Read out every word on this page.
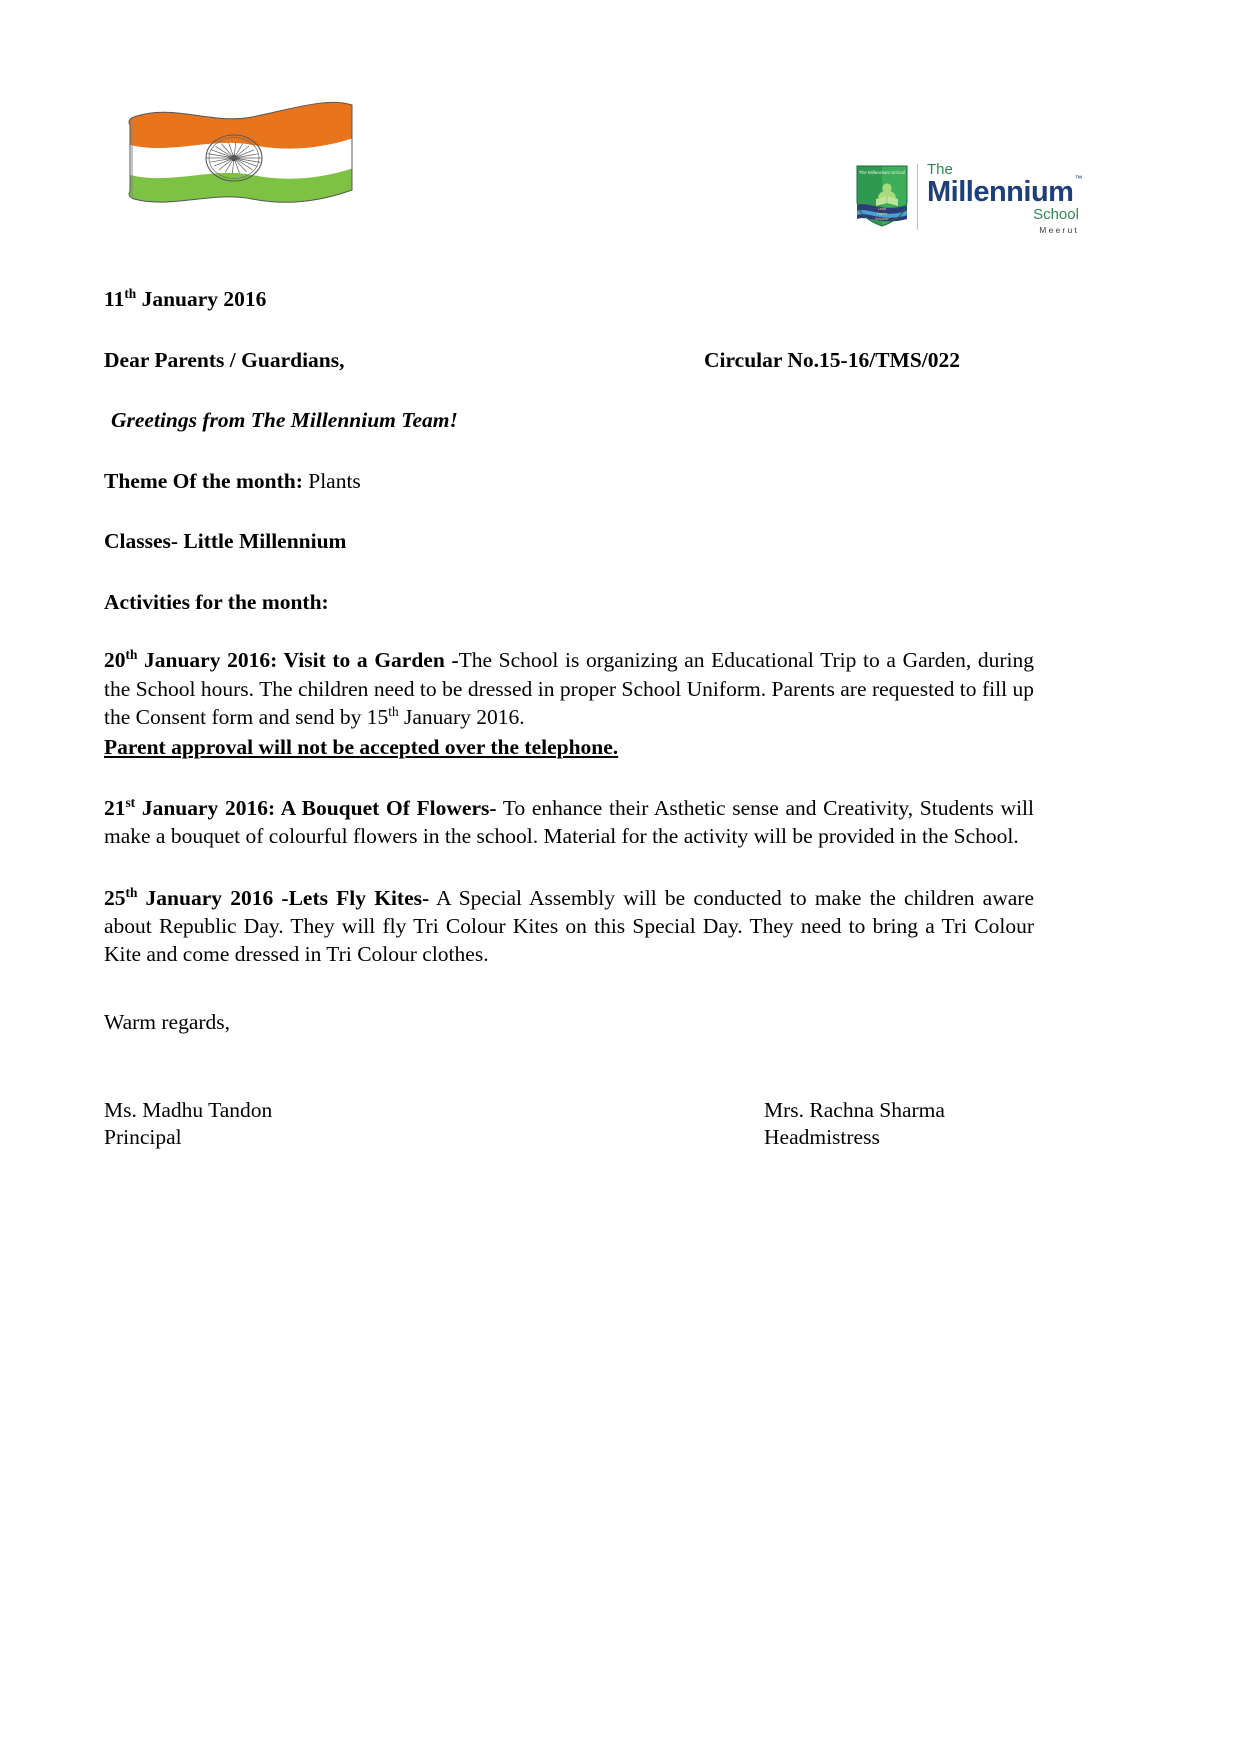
The Millennium School
Lead
Inspire
Empower
The
Millennium™
School
Meerut
11th January 2016
Dear Parents / Guardians,	Circular No.15-16/TMS/022
Greetings from The Millennium Team!
Theme Of the month: Plants
Classes- Little Millennium
Activities for the month:
20th January 2016: Visit to a Garden -The School is organizing an Educational Trip to a Garden, during the School hours. The children need to be dressed in proper School Uniform. Parents are requested to fill up the Consent form and send by 15th January 2016.
Parent approval will not be accepted over the telephone.
21st January 2016: A Bouquet Of Flowers- To enhance their Asthetic sense and Creativity, Students will make a bouquet of colourful flowers in the school. Material for the activity will be provided in the School.
25th January 2016 -Lets Fly Kites- A Special Assembly will be conducted to make the children aware about Republic Day. They will fly Tri Colour Kites on this Special Day. They need to bring a Tri Colour Kite and come dressed in Tri Colour clothes.
Warm regards,
Ms. Madhu Tandon
Principal
Mrs. Rachna Sharma
Headmistress
